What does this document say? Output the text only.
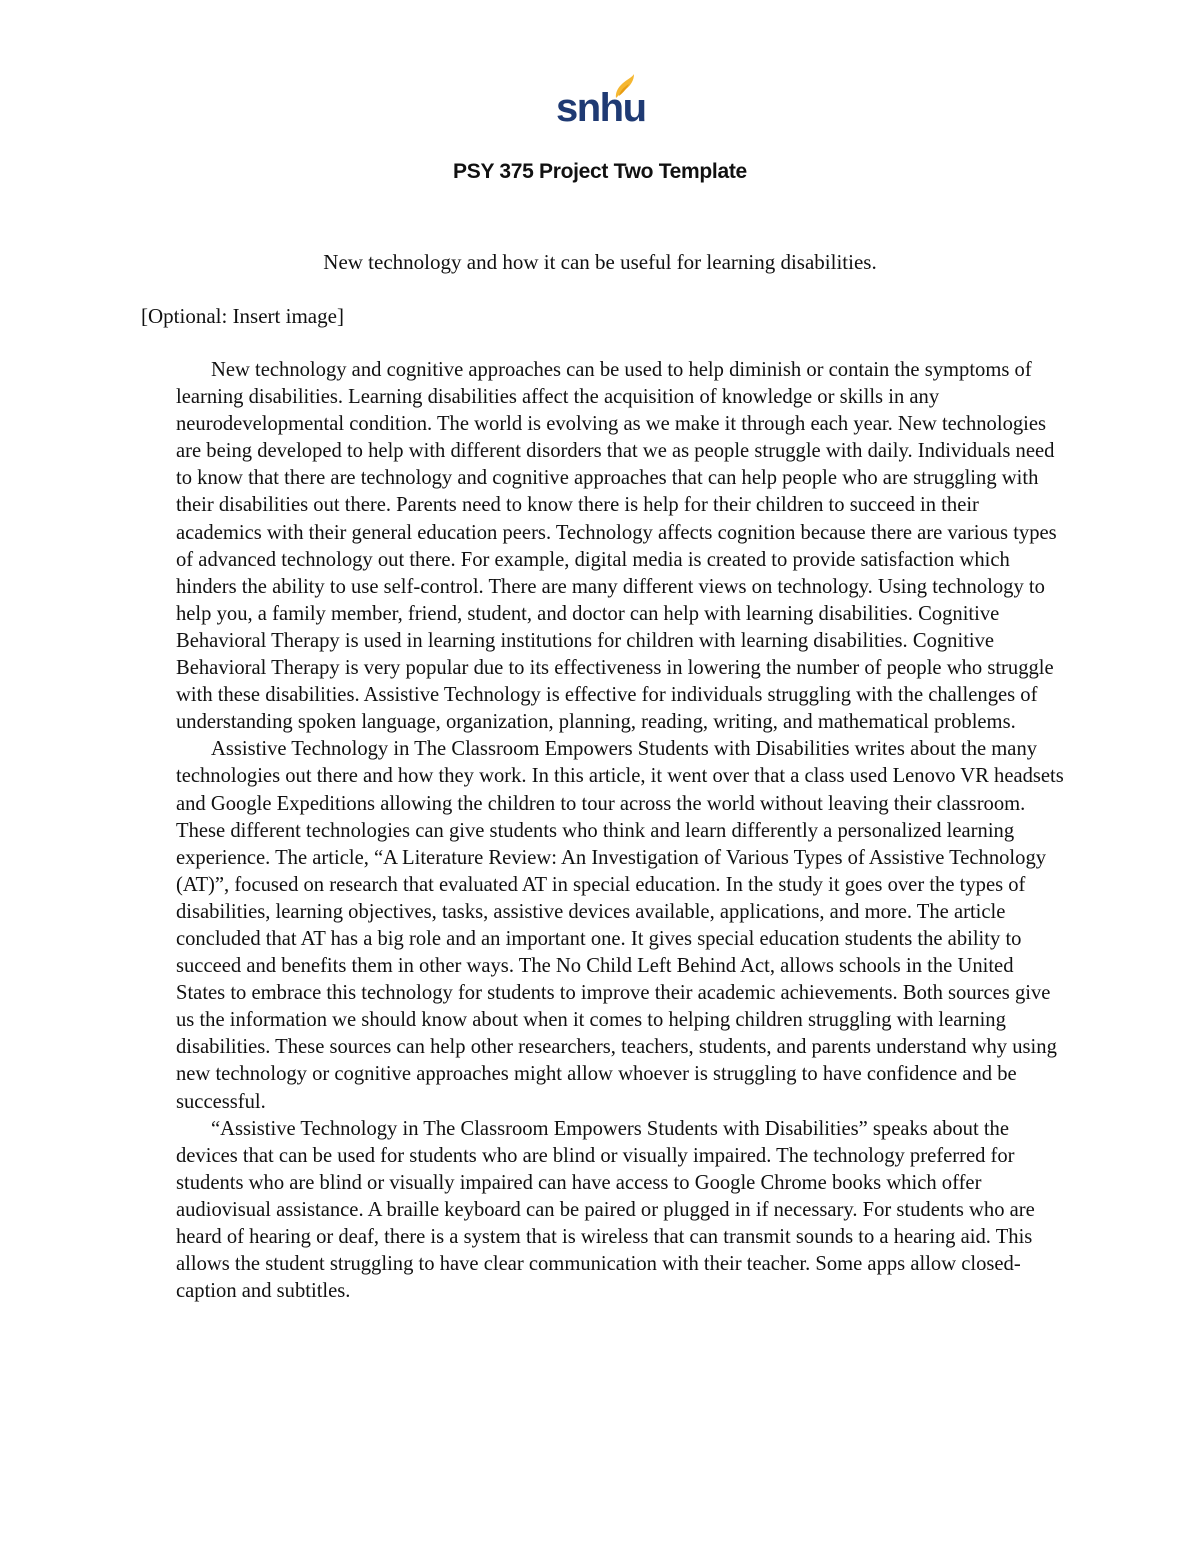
snhu
PSY 375 Project Two Template

New technology and how it can be useful for learning disabilities.

[Optional: Insert image]

New technology and cognitive approaches can be used to help diminish or contain the symptoms of learning disabilities. Learning disabilities affect the acquisition of knowledge or skills in any neurodevelopmental condition. The world is evolving as we make it through each year. New technologies are being developed to help with different disorders that we as people struggle with daily. Individuals need to know that there are technology and cognitive approaches that can help people who are struggling with their disabilities out there. Parents need to know there is help for their children to succeed in their academics with their general education peers. Technology affects cognition because there are various types of advanced technology out there. For example, digital media is created to provide satisfaction which hinders the ability to use self-control. There are many different views on technology. Using technology to help you, a family member, friend, student, and doctor can help with learning disabilities. Cognitive Behavioral Therapy is used in learning institutions for children with learning disabilities. Cognitive Behavioral Therapy is very popular due to its effectiveness in lowering the number of people who struggle with these disabilities. Assistive Technology is effective for individuals struggling with the challenges of understanding spoken language, organization, planning, reading, writing, and mathematical problems.

Assistive Technology in The Classroom Empowers Students with Disabilities writes about the many technologies out there and how they work. In this article, it went over that a class used Lenovo VR headsets and Google Expeditions allowing the children to tour across the world without leaving their classroom. These different technologies can give students who think and learn differently a personalized learning experience. The article, “A Literature Review: An Investigation of Various Types of Assistive Technology (AT)”, focused on research that evaluated AT in special education. In the study it goes over the types of disabilities, learning objectives, tasks, assistive devices available, applications, and more. The article concluded that AT has a big role and an important one. It gives special education students the ability to succeed and benefits them in other ways. The No Child Left Behind Act, allows schools in the United States to embrace this technology for students to improve their academic achievements. Both sources give us the information we should know about when it comes to helping children struggling with learning disabilities. These sources can help other researchers, teachers, students, and parents understand why using new technology or cognitive approaches might allow whoever is struggling to have confidence and be successful.

“Assistive Technology in The Classroom Empowers Students with Disabilities” speaks about the devices that can be used for students who are blind or visually impaired. The technology preferred for students who are blind or visually impaired can have access to Google Chrome books which offer audiovisual assistance. A braille keyboard can be paired or plugged in if necessary. For students who are heard of hearing or deaf, there is a system that is wireless that can transmit sounds to a hearing aid. This allows the student struggling to have clear communication with their teacher. Some apps allow closed-caption and subtitles.
